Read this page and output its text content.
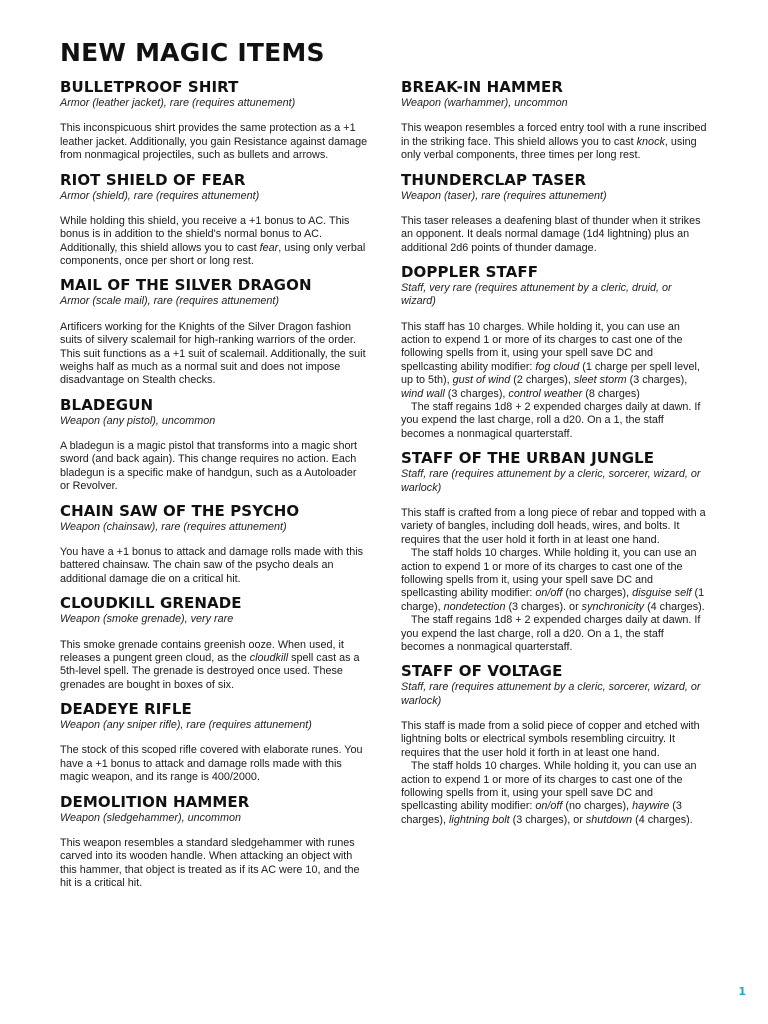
NEW MAGIC ITEMS
BULLETPROOF SHIRT
Armor (leather jacket), rare (requires attunement)
This inconspicuous shirt provides the same protection as a +1 leather jacket. Additionally, you gain Resistance against damage from nonmagical projectiles, such as bullets and arrows.
RIOT SHIELD OF FEAR
Armor (shield), rare (requires attunement)
While holding this shield, you receive a +1 bonus to AC. This bonus is in addition to the shield's normal bonus to AC. Additionally, this shield allows you to cast fear, using only verbal components, once per short or long rest.
MAIL OF THE SILVER DRAGON
Armor (scale mail), rare (requires attunement)
Artificers working for the Knights of the Silver Dragon fashion suits of silvery scalemail for high-ranking warriors of the order. This suit functions as a +1 suit of scalemail. Additionally, the suit weighs half as much as a normal suit and does not impose disadvantage on Stealth checks.
BLADEGUN
Weapon (any pistol), uncommon
A bladegun is a magic pistol that transforms into a magic short sword (and back again). This change requires no action. Each bladegun is a specific make of handgun, such as a Autoloader or Revolver.
CHAIN SAW OF THE PSYCHO
Weapon (chainsaw), rare (requires attunement)
You have a +1 bonus to attack and damage rolls made with this battered chainsaw. The chain saw of the psycho deals an additional damage die on a critical hit.
CLOUDKILL GRENADE
Weapon (smoke grenade), very rare
This smoke grenade contains greenish ooze. When used, it releases a pungent green cloud, as the cloudkill spell cast as a 5th-level spell. The grenade is destroyed once used. These grenades are bought in boxes of six.
DEADEYE RIFLE
Weapon (any sniper rifle), rare (requires attunement)
The stock of this scoped rifle covered with elaborate runes. You have a +1 bonus to attack and damage rolls made with this magic weapon, and its range is 400/2000.
DEMOLITION HAMMER
Weapon (sledgehammer), uncommon
This weapon resembles a standard sledgehammer with runes carved into its wooden handle. When attacking an object with this hammer, that object is treated as if its AC were 10, and the hit is a critical hit.
BREAK-IN HAMMER
Weapon (warhammer), uncommon
This weapon resembles a forced entry tool with a rune inscribed in the striking face. This shield allows you to cast knock, using only verbal components, three times per long rest.
THUNDERCLAP TASER
Weapon (taser), rare (requires attunement)
This taser releases a deafening blast of thunder when it strikes an opponent. It deals normal damage (1d4 lightning) plus an additional 2d6 points of thunder damage.
DOPPLER STAFF
Staff, very rare (requires attunement by a cleric, druid, or wizard)
This staff has 10 charges. While holding it, you can use an action to expend 1 or more of its charges to cast one of the following spells from it, using your spell save DC and spellcasting ability modifier: fog cloud (1 charge per spell level, up to 5th), gust of wind (2 charges), sleet storm (3 charges), wind wall (3 charges), control weather (8 charges)
The staff regains 1d8 + 2 expended charges daily at dawn. If you expend the last charge, roll a d20. On a 1, the staff becomes a nonmagical quarterstaff.
STAFF OF THE URBAN JUNGLE
Staff, rare (requires attunement by a cleric, sorcerer, wizard, or warlock)
This staff is crafted from a long piece of rebar and topped with a variety of bangles, including doll heads, wires, and bolts. It requires that the user hold it forth in at least one hand.
The staff holds 10 charges. While holding it, you can use an action to expend 1 or more of its charges to cast one of the following spells from it, using your spell save DC and spellcasting ability modifier: on/off (no charges), disguise self (1 charge), nondetection (3 charges). or synchronicity (4 charges).
The staff regains 1d8 + 2 expended charges daily at dawn. If you expend the last charge, roll a d20. On a 1, the staff becomes a nonmagical quarterstaff.
STAFF OF VOLTAGE
Staff, rare (requires attunement by a cleric, sorcerer, wizard, or warlock)
This staff is made from a solid piece of copper and etched with lightning bolts or electrical symbols resembling circuitry. It requires that the user hold it forth in at least one hand.
The staff holds 10 charges. While holding it, you can use an action to expend 1 or more of its charges to cast one of the following spells from it, using your spell save DC and spellcasting ability modifier: on/off (no charges), haywire (3 charges), lightning bolt (3 charges), or shutdown (4 charges).
1
